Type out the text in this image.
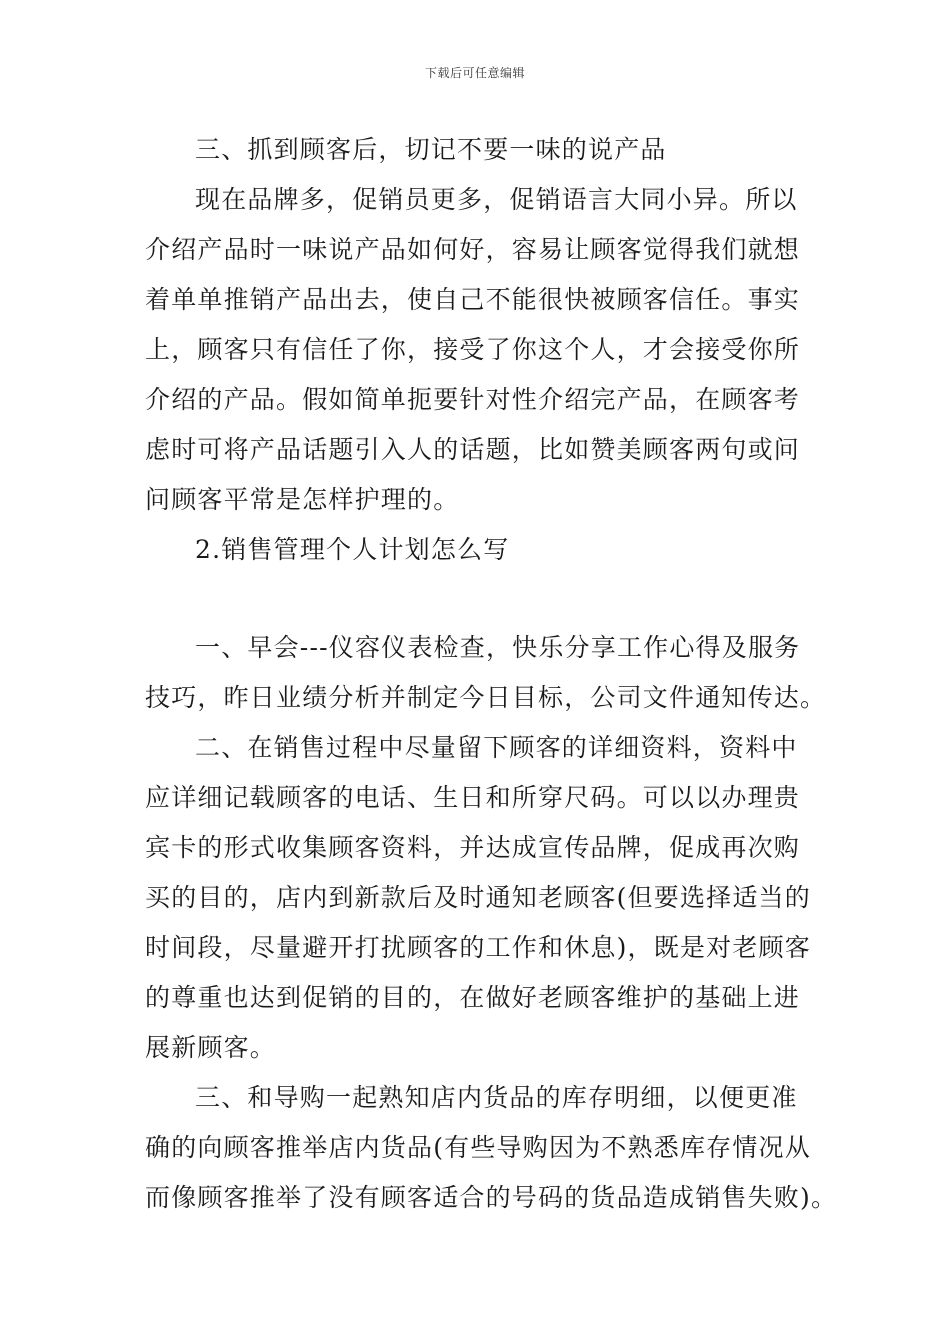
下载后可任意编辑
三、抓到顾客后，切记不要一味的说产品
现在品牌多，促销员更多，促销语言大同小异。所以
介绍产品时一味说产品如何好，容易让顾客觉得我们就想
着单单推销产品出去，使自己不能很快被顾客信任。事实
上，顾客只有信任了你，接受了你这个人，才会接受你所
介绍的产品。假如简单扼要针对性介绍完产品，在顾客考
虑时可将产品话题引入人的话题，比如赞美顾客两句或问
问顾客平常是怎样护理的。
2.销售管理个人计划怎么写
一、早会---仪容仪表检查，快乐分享工作心得及服务
技巧，昨日业绩分析并制定今日目标，公司文件通知传达。
二、在销售过程中尽量留下顾客的详细资料，资料中
应详细记载顾客的电话、生日和所穿尺码。可以以办理贵
宾卡的形式收集顾客资料，并达成宣传品牌，促成再次购
买的目的，店内到新款后及时通知老顾客(但要选择适当的
时间段，尽量避开打扰顾客的工作和休息)，既是对老顾客
的尊重也达到促销的目的，在做好老顾客维护的基础上进
展新顾客。
三、和导购一起熟知店内货品的库存明细，以便更准
确的向顾客推举店内货品(有些导购因为不熟悉库存情况从
而像顾客推举了没有顾客适合的号码的货品造成销售失败)。
